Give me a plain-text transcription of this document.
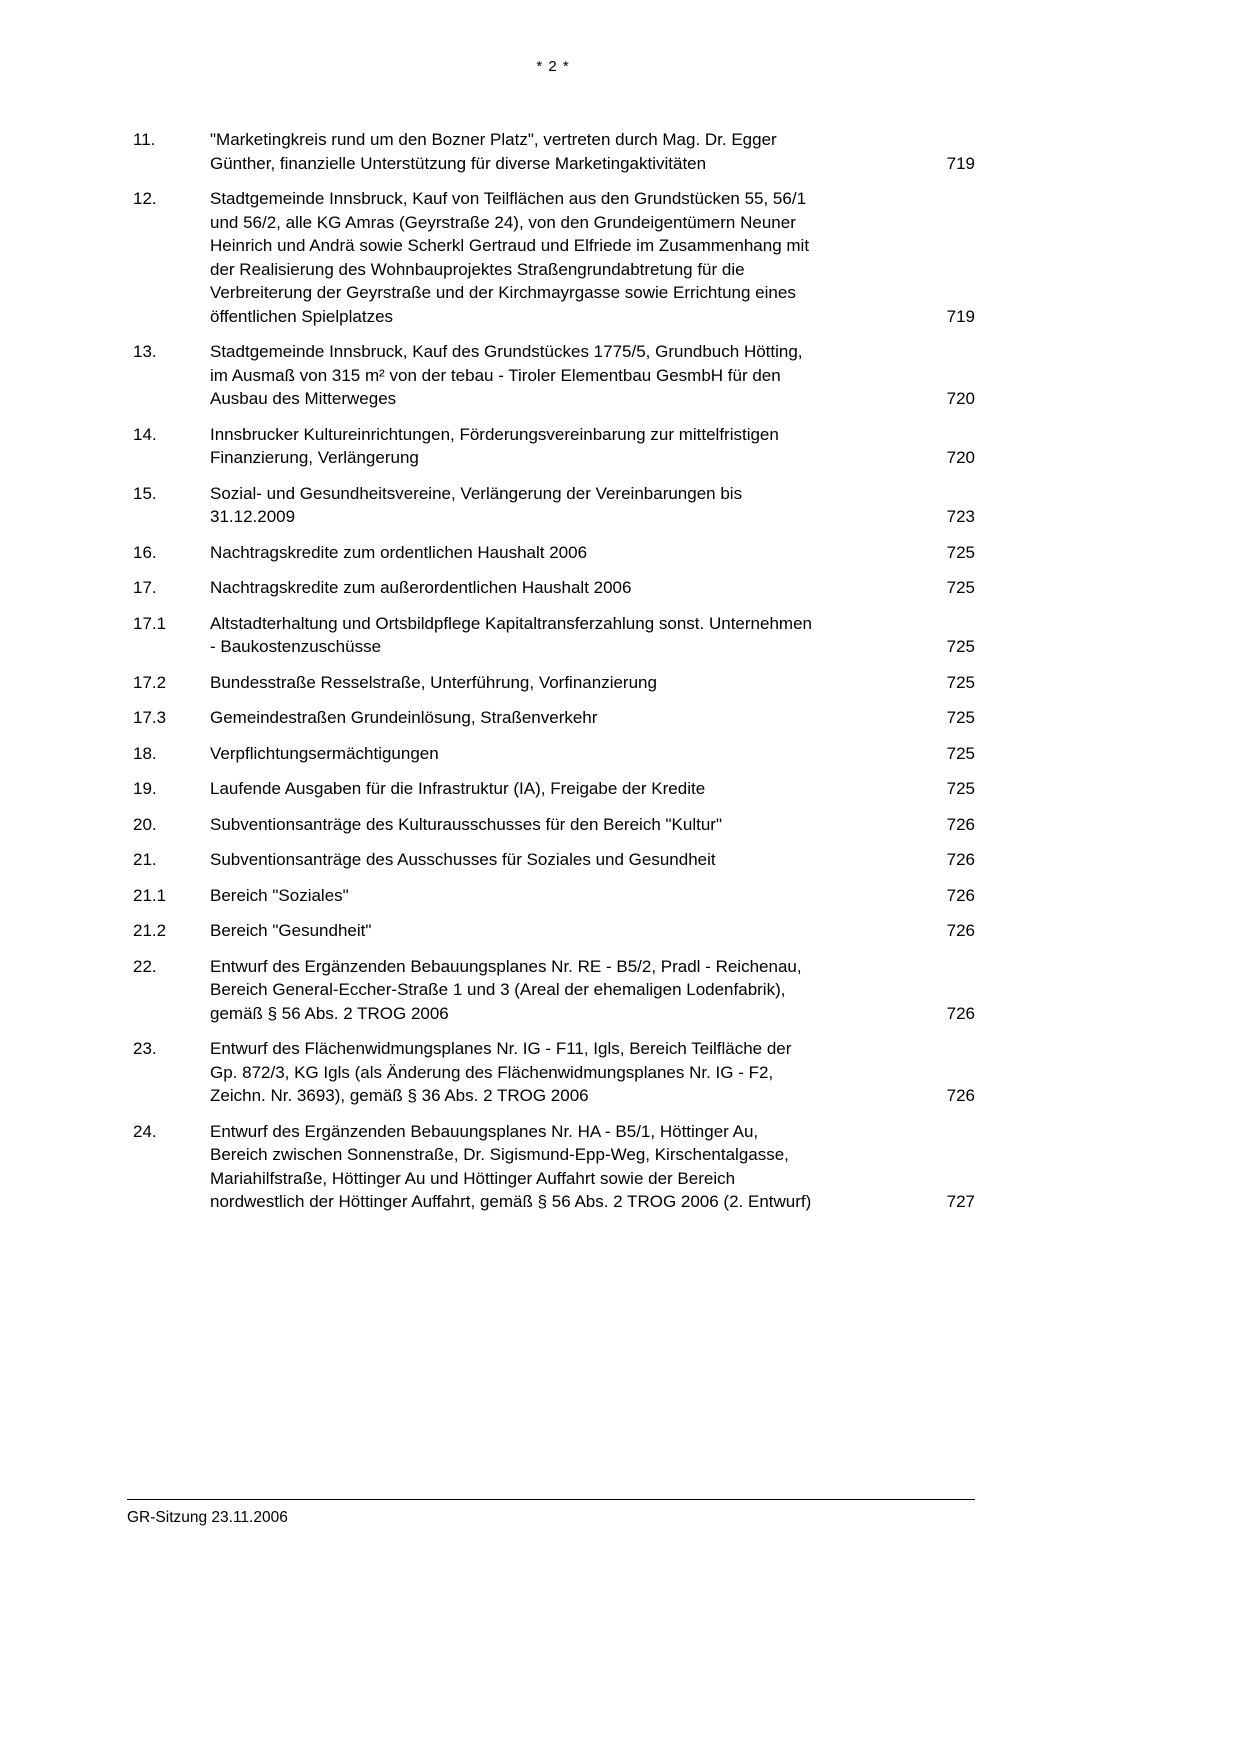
* 2 *
11.	"Marketingkreis rund um den Bozner Platz", vertreten durch Mag. Dr. Egger Günther, finanzielle Unterstützung für diverse Marketingaktivitäten	719
12.	Stadtgemeinde Innsbruck, Kauf von Teilflächen aus den Grundstücken 55, 56/1 und 56/2, alle KG Amras (Geyrstraße 24), von den Grundeigentümern Neuner Heinrich und Andrä sowie Scherkl Gertraud und Elfriede im Zusammenhang mit der Realisierung des Wohnbauprojektes Straßengrundabtretung für die Verbreiterung der Geyrstraße und der Kirchmayrgasse sowie Errichtung eines öffentlichen Spielplatzes	719
13.	Stadtgemeinde Innsbruck, Kauf des Grundstückes 1775/5, Grundbuch Hötting, im Ausmaß von 315 m² von der tebau - Tiroler Elementbau GesmbH für den Ausbau des Mitterweges	720
14.	Innsbrucker Kultureinrichtungen, Förderungsvereinbarung zur mittelfristigen Finanzierung, Verlängerung	720
15.	Sozial- und Gesundheitsvereine, Verlängerung der Vereinbarungen bis 31.12.2009	723
16.	Nachtragskredite zum ordentlichen Haushalt 2006	725
17.	Nachtragskredite zum außerordentlichen Haushalt 2006	725
17.1	Altstadterhaltung und Ortsbildpflege Kapitaltransferzahlung sonst. Unternehmen - Baukostenzuschüsse	725
17.2	Bundesstraße Resselstraße, Unterführung, Vorfinanzierung	725
17.3	Gemeindestraßen Grundeinlösung, Straßenverkehr	725
18.	Verpflichtungsermächtigungen	725
19.	Laufende Ausgaben für die Infrastruktur (IA), Freigabe der Kredite	725
20.	Subventionsanträge des Kulturausschusses für den Bereich "Kultur"	726
21.	Subventionsanträge des Ausschusses für Soziales und Gesundheit	726
21.1	Bereich "Soziales"	726
21.2	Bereich "Gesundheit"	726
22.	Entwurf des Ergänzenden Bebauungsplanes Nr. RE - B5/2, Pradl - Reichenau, Bereich General-Eccher-Straße 1 und 3 (Areal der ehemaligen Lodenfabrik), gemäß § 56 Abs. 2 TROG 2006	726
23.	Entwurf des Flächenwidmungsplanes Nr. IG - F11, Igls, Bereich Teilfläche der Gp. 872/3, KG Igls (als Änderung des Flächenwidmungsplanes Nr. IG - F2, Zeichn. Nr. 3693), gemäß § 36 Abs. 2 TROG 2006	726
24.	Entwurf des Ergänzenden Bebauungsplanes Nr. HA - B5/1, Höttinger Au, Bereich zwischen Sonnenstraße, Dr. Sigismund-Epp-Weg, Kirschentalgasse, Mariahilfstraße, Höttinger Au und Höttinger Auffahrt sowie der Bereich nordwestlich der Höttinger Auffahrt, gemäß § 56 Abs. 2 TROG 2006 (2. Entwurf)	727
GR-Sitzung 23.11.2006
